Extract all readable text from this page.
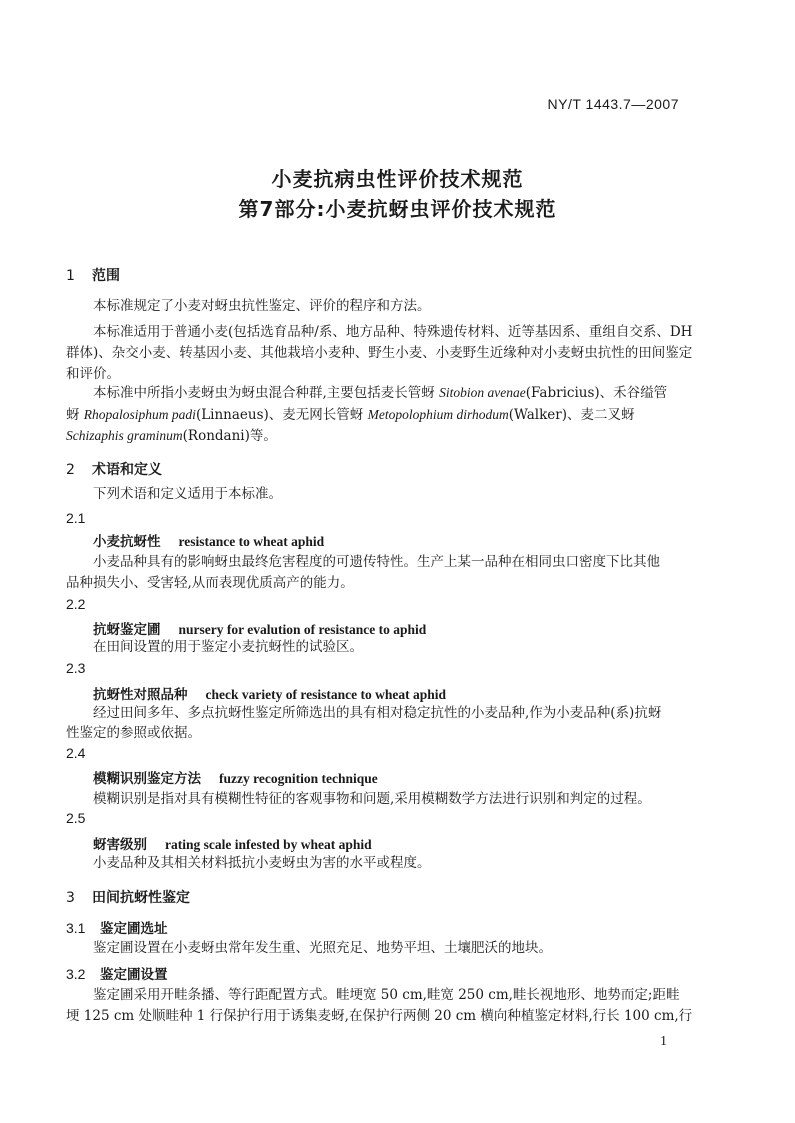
NY/T 1443.7—2007
小麦抗病虫性评价技术规范
第7部分:小麦抗蚜虫评价技术规范
1 范围
本标准规定了小麦对蚜虫抗性鉴定、评价的程序和方法。
本标准适用于普通小麦(包括选育品种/系、地方品种、特殊遗传材料、近等基因系、重组自交系、DH
群体)、杂交小麦、转基因小麦、其他栽培小麦种、野生小麦、小麦野生近缘种对小麦蚜虫抗性的田间鉴定
和评价。
本标准中所指小麦蚜虫为蚜虫混合种群,主要包括麦长管蚜 Sitobion avenae(Fabricius)、禾谷缢管
蚜 Rhopalosiphum padi(Linnaeus)、麦无网长管蚜 Metopolophium dirhodum(Walker)、麦二叉蚜
Schizaphis graminum(Rondani)等。
2 术语和定义
下列术语和定义适用于本标准。
2.1
小麦抗蚜性 resistance to wheat aphid
小麦品种具有的影响蚜虫最终危害程度的可遗传特性。生产上某一品种在相同虫口密度下比其他
品种损失小、受害轻,从而表现优质高产的能力。
2.2
抗蚜鉴定圃 nursery for evalution of resistance to aphid
在田间设置的用于鉴定小麦抗蚜性的试验区。
2.3
抗蚜性对照品种 check variety of resistance to wheat aphid
经过田间多年、多点抗蚜性鉴定所筛选出的具有相对稳定抗性的小麦品种,作为小麦品种(系)抗蚜
性鉴定的参照或依据。
2.4
模糊识别鉴定方法 fuzzy recognition technique
模糊识别是指对具有模糊性特征的客观事物和问题,采用模糊数学方法进行识别和判定的过程。
2.5
蚜害级别 rating scale infested by wheat aphid
小麦品种及其相关材料抵抗小麦蚜虫为害的水平或程度。
3 田间抗蚜性鉴定
3.1 鉴定圃选址
鉴定圃设置在小麦蚜虫常年发生重、光照充足、地势平坦、土壤肥沃的地块。
3.2 鉴定圃设置
鉴定圃采用开畦条播、等行距配置方式。畦埂宽 50 cm,畦宽 250 cm,畦长视地形、地势而定;距畦
埂 125 cm 处顺畦种 1 行保护行用于诱集麦蚜,在保护行两侧 20 cm 横向种植鉴定材料,行长 100 cm,行
1
